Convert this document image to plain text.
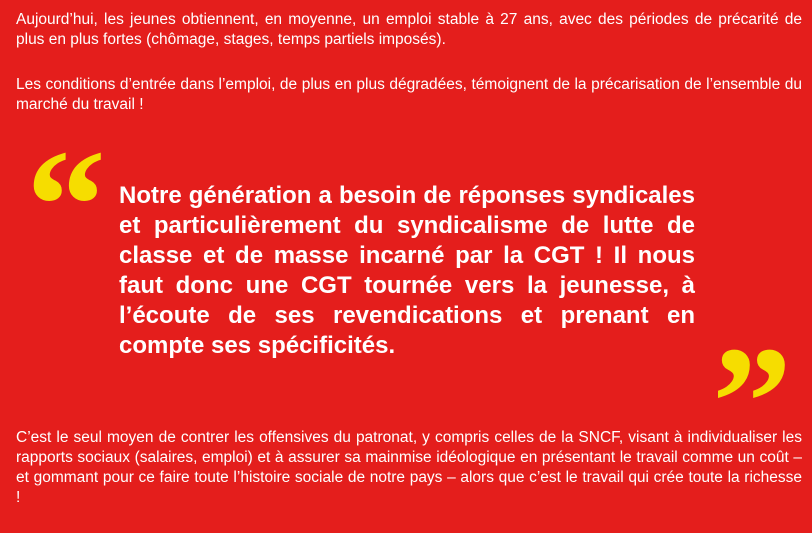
Aujourd’hui, les jeunes obtiennent, en moyenne, un emploi stable à 27 ans, avec des périodes de précarité de plus en plus fortes (chômage, stages, temps partiels imposés).

Les conditions d’entrée dans l’emploi, de plus en plus dégradées, témoignent de la précarisation de l’ensemble du marché du travail !

“ Notre génération a besoin de réponses syndicales et particulièrement du syndicalisme de lutte de classe et de masse incarné par la CGT ! Il nous faut donc une CGT tournée vers la jeunesse, à l’écoute de ses revendications et prenant en compte ses spécificités.	”

C’est le seul moyen de contrer les offensives du patronat, y compris celles de la SNCF, visant à individualiser les rapports sociaux (salaires, emploi) et à assurer sa mainmise idéologique en présentant le travail comme un coût – et gommant pour ce faire toute l’histoire sociale de notre pays – alors que c’est le travail qui crée toute la richesse !
